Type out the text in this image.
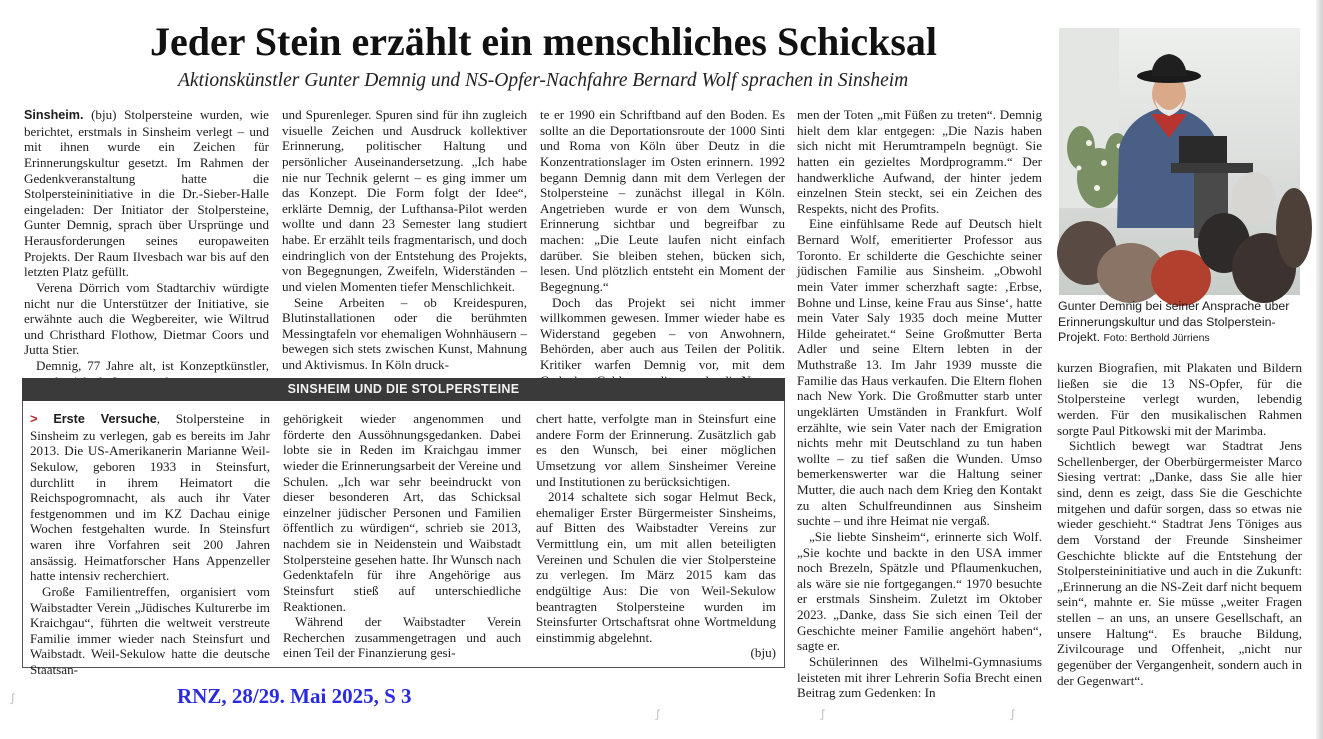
Jeder Stein erzählt ein menschliches Schicksal
Aktionskünstler Gunter Demnig und NS-Opfer-Nachfahre Bernard Wolf sprachen in Sinsheim

Sinsheim. (bju) Stolpersteine wurden, wie berichtet, erstmals in Sinsheim verlegt – und mit ihnen wurde ein Zeichen für Erinnerungskultur gesetzt. Im Rahmen der Gedenkveranstaltung hatte die Stolpersteininitiative in die Dr.-Sieber-Halle eingeladen: Der Initiator der Stolpersteine, Gunter Demnig, sprach über Ursprünge und Herausforderungen seines europaweiten Projekts. Der Raum Ilvesbach war bis auf den letzten Platz gefüllt.

Verena Dörrich vom Stadtarchiv würdigte nicht nur die Unterstützer der Initiative, sie erwähnte auch die Wegbereiter, wie Wiltrud und Christhard Flothow, Dietmar Coors und Jutta Stier.

Demnig, 77 Jahre alt, ist Konzeptkünstler,

und Spurenleger. Spuren sind für ihn zugleich visuelle Zeichen und Ausdruck kollektiver Erinnerung, politischer Haltung und persönlicher Auseinandersetzung. „Ich habe nie nur Technik gelernt – es ging immer um das Konzept. Die Form folgt der Idee“, erklärte Demnig, der Lufthansa-Pilot werden wollte und dann 23 Semester lang studiert habe. Er erzählt teils fragmentarisch, und doch eindringlich von der Entstehung des Projekts, von Begegnungen, Zweifeln, Widerständen – und vielen Momenten tiefer Menschlichkeit.

Seine Arbeiten – ob Kreidespuren, Blutinstallationen oder die berühmten Messingtafeln vor ehemaligen Wohnhäusern – bewegen sich stets zwischen Kunst, Mahnung und Aktivismus. In Köln druck-

te er 1990 ein Schriftband auf den Boden. Es sollte an die Deportationsroute der 1000 Sinti und Roma von Köln über Deutz in die Konzentrationslager im Osten erinnern. 1992 begann Demnig dann mit dem Verlegen der Stolpersteine – zunächst illegal in Köln. Angetrieben wurde er von dem Wunsch, Erinnerung sichtbar und begreifbar zu machen: „Die Leute laufen nicht einfach darüber. Sie bleiben stehen, bücken sich, lesen. Und plötzlich entsteht ein Moment der Begegnung.“

Doch das Projekt sei nicht immer willkommen gewesen. Immer wieder habe es Widerstand gegeben – von Anwohnern, Behörden, aber auch aus Teilen der Politik. Kritiker warfen Demnig vor, mit dem

men der Toten „mit Füßen zu treten“. Demnig hielt dem klar entgegen: „Die Nazis haben sich nicht mit Herumtrampeln begnügt. Sie hatten ein gezieltes Mordprogramm.“ Der handwerkliche Aufwand, der hinter jedem einzelnen Stein steckt, sei ein Zeichen des Respekts, nicht des Profits.

Eine einfühlsame Rede auf Deutsch hielt Bernard Wolf, emeritierter Professor aus Toronto. Er schilderte die Geschichte seiner jüdischen Familie aus Sinsheim. „Obwohl mein Vater immer scherzhaft sagte: ‚Erbse, Bohne und Linse, keine Frau aus Sinse‘, hatte mein Vater Saly 1935 doch meine Mutter Hilde geheiratet.“ Seine Großmutter Berta Adler und seine Eltern lebten in der Muthstraße 13. Im Jahr 1939 musste die Familie das Haus verkaufen. Die Eltern flohen nach New York. Die Großmutter starb unter ungeklärten Umständen in Frankfurt. Wolf erzählte, wie sein Vater nach der Emigration nichts mehr mit Deutschland zu tun haben wollte – zu tief saßen die Wunden. Umso bemerkenswerter war die Haltung seiner Mutter, die auch nach dem Krieg den Kontakt zu alten Schulfreundinnen aus Sinsheim suchte – und ihre Heimat nie vergaß.

„Sie liebte Sinsheim“, erinnerte sich Wolf. „Sie kochte und backte in den USA immer noch Brezeln, Spätzle und Pflaumenkuchen, als wäre sie nie fortgegangen.“ 1970 besuchte er erstmals Sinsheim. Zuletzt im Oktober 2023. „Danke, dass Sie sich einen Teil der Geschichte meiner Familie angehört haben“, sagte er.

Schülerinnen des Wilhelmi-Gymnasiums leisteten mit ihrer Lehrerin Sofia Brecht einen Beitrag zum Gedenken: In

kurzen Biografien, mit Plakaten und Bildern ließen sie die 13 NS-Opfer, für die Stolpersteine verlegt wurden, lebendig werden. Für den musikalischen Rahmen sorgte Paul Pitkowski mit der Marimba.

Sichtlich bewegt war Stadtrat Jens Schellenberger, der Oberbürgermeister Marco Siesing vertrat: „Danke, dass Sie alle hier sind, denn es zeigt, dass Sie die Geschichte mitgehen und dafür sorgen, dass so etwas nie wieder geschieht.“ Stadtrat Jens Töniges aus dem Vorstand der Freunde Sinsheimer Geschichte blickte auf die Entstehung der Stolpersteininitiative und auch in die Zukunft: „Erinnerung an die NS-Zeit darf nicht bequem sein“, mahnte er. Sie müsse „weiter Fragen stellen – an uns, an unsere Gesellschaft, an unsere Haltung“. Es brauche Bildung, Zivilcourage und Offenheit, „nicht nur gegenüber der Vergangenheit, sondern auch in der Gegenwart“.

SINSHEIM UND DIE STOLPERSTEINE

> Erste Versuche, Stolpersteine in Sinsheim zu verlegen, gab es bereits im Jahr 2013. Die US-Amerikanerin Marianne Weil-Sekulow, geboren 1933 in Steinsfurt, durchlitt in ihrem Heimatort die Reichspogromnacht, als auch ihr Vater festgenommen und im KZ Dachau einige Wochen festgehalten wurde. In Steinsfurt waren ihre Vorfahren seit 200 Jahren ansässig. Heimatforscher Hans Appenzeller hatte intensiv recherchiert.

Große Familientreffen, organisiert vom Waibstadter Verein „Jüdisches Kulturerbe im Kraichgau“, führten die weltweit verstreute Familie immer wieder nach Steinsfurt und Waibstadt. Weil-Sekulow hatte die deutsche Staatsan-

gehörigkeit wieder angenommen und förderte den Aussöhnungsgedanken. Dabei lobte sie in Reden im Kraichgau immer wieder die Erinnerungsarbeit der Vereine und Schulen. „Ich war sehr beeindruckt von dieser besonderen Art, das Schicksal einzelner jüdischer Personen und Familien öffentlich zu würdigen“, schrieb sie 2013, nachdem sie in Neidenstein und Waibstadt Stolpersteine gesehen hatte. Ihr Wunsch nach Gedenktafeln für ihre Angehörige aus Steinsfurt stieß auf unterschiedliche Reaktionen.

Während der Waibstadter Verein Recherchen zusammengetragen und auch einen Teil der Finanzierung gesi-

chert hatte, verfolgte man in Steinsfurt eine andere Form der Erinnerung. Zusätzlich gab es den Wunsch, bei einer möglichen Umsetzung vor allem Sinsheimer Vereine und Institutionen zu berücksichtigen.

2014 schaltete sich sogar Helmut Beck, ehemaliger Erster Bürgermeister Sinsheims, auf Bitten des Waibstadter Vereins zur Vermittlung ein, um mit allen beteiligten Vereinen und Schulen die vier Stolpersteine zu verlegen. Im März 2015 kam das endgültige Aus: Die von Weil-Sekulow beantragten Stolpersteine wurden im Steinsfurter Ortschaftsrat ohne Wortmeldung einstimmig abgelehnt.
(bju)

Gunter Demnig bei seiner Ansprache über Erinnerungskultur und das Stolperstein-Projekt. Foto: Berthold Jürriens
RNZ, 28/29. Mai 2025, S 3
ꭍ
ꭍ	ꭍ	ꭍ
